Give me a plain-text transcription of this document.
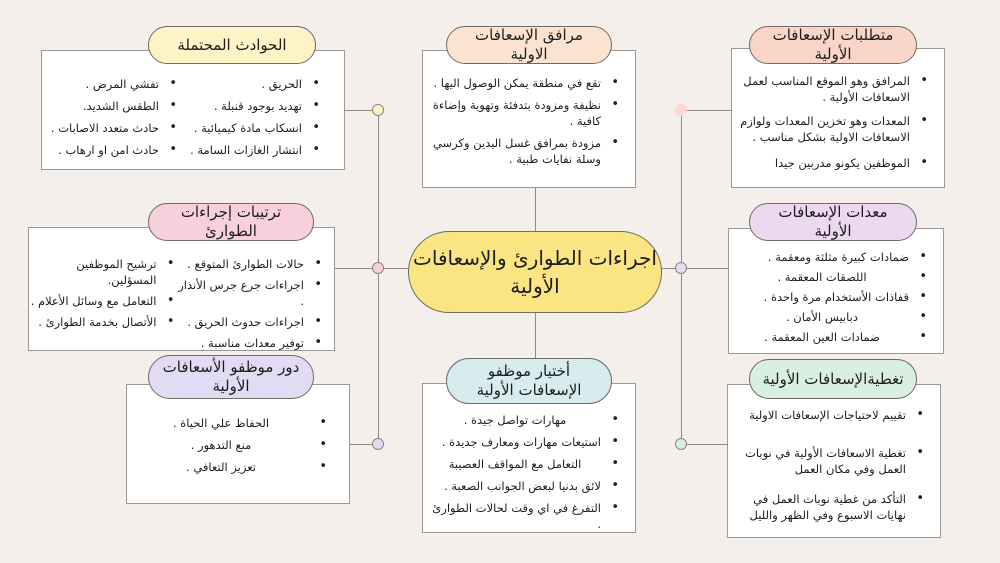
اجراءات الطوارئ والإسعافات الأولية
• الحريق .
• تهديد بوجود قنبلة .
• انسكاب مادة كيميائية .
• انتشار الغازات السامة .
• تفشي المرض .
• الطقس الشديد.
• حادث متعدد الاصابات .
• حادث امن او ارهاب .
الحوادث المحتملة
• تقع في منطقة يمكن الوصول اليها .
• نظيفة ومزودة بتدفئة وتهوية وإضاءة كافية .
• مزودة بمرافق غسل اليدين وكرسي وسلة نفايات طبية .
مرافق الإسعافات الاولية
• المرافق وهو الموقع المناسب لعمل الاسعافات الأولية .
• المعدات وهو تخزين المعدات ولوازم الاسعافات الاولية بشكل مناسب .
• الموظفين يكونو مدربين جيدا
متطلبات الإسعافات الأولية
• حالات الطوارئ المتوقع .
• اجراءات جرع جرس الأنذار .
• اجراءات حدوث الحريق .
• توفير معدات مناسبة .
• ترشيح الموظفين المسؤلين.
• التعامل مع وسائل الأعلام .
• الأتصال بخدمة الطوارئ .
ترتيبات إجراءات الطوارئ
• ضمادات كبيرة مثلثة ومعقمة .
• اللصقات المعقمة .
• قفاذات الأستخدام مرة واحدة .
• دبابيس الأمان .
• ضمادات العين المعقمة .
معدات الإسعافات الأولية
• الحفاظ علي الحياة .
• منع التدهور .
• تعزيز التعافي .
دور موظفو الأسعافات الأولية
• مهارات تواصل جيدة .
• استيعات مهارات ومعارف جديدة .
• التعامل مع المواقف العصيبة
• لائق بدنيا لبعض الجوانب الصعبة .
• التفرغ في اي وقت لحالات الطوارئ .
أختيار موظفو الإسعافات الأولية
• تقييم لاحتياجات الإسعافات الاولية
• تغطية الاسعافات الأولية في نوبات العمل وفي مكان العمل
• التأكد من غطية نوبات العمل في نهايات الاسبوع وفي الظهر والليل
تغطيةالإسعافات الأولية
